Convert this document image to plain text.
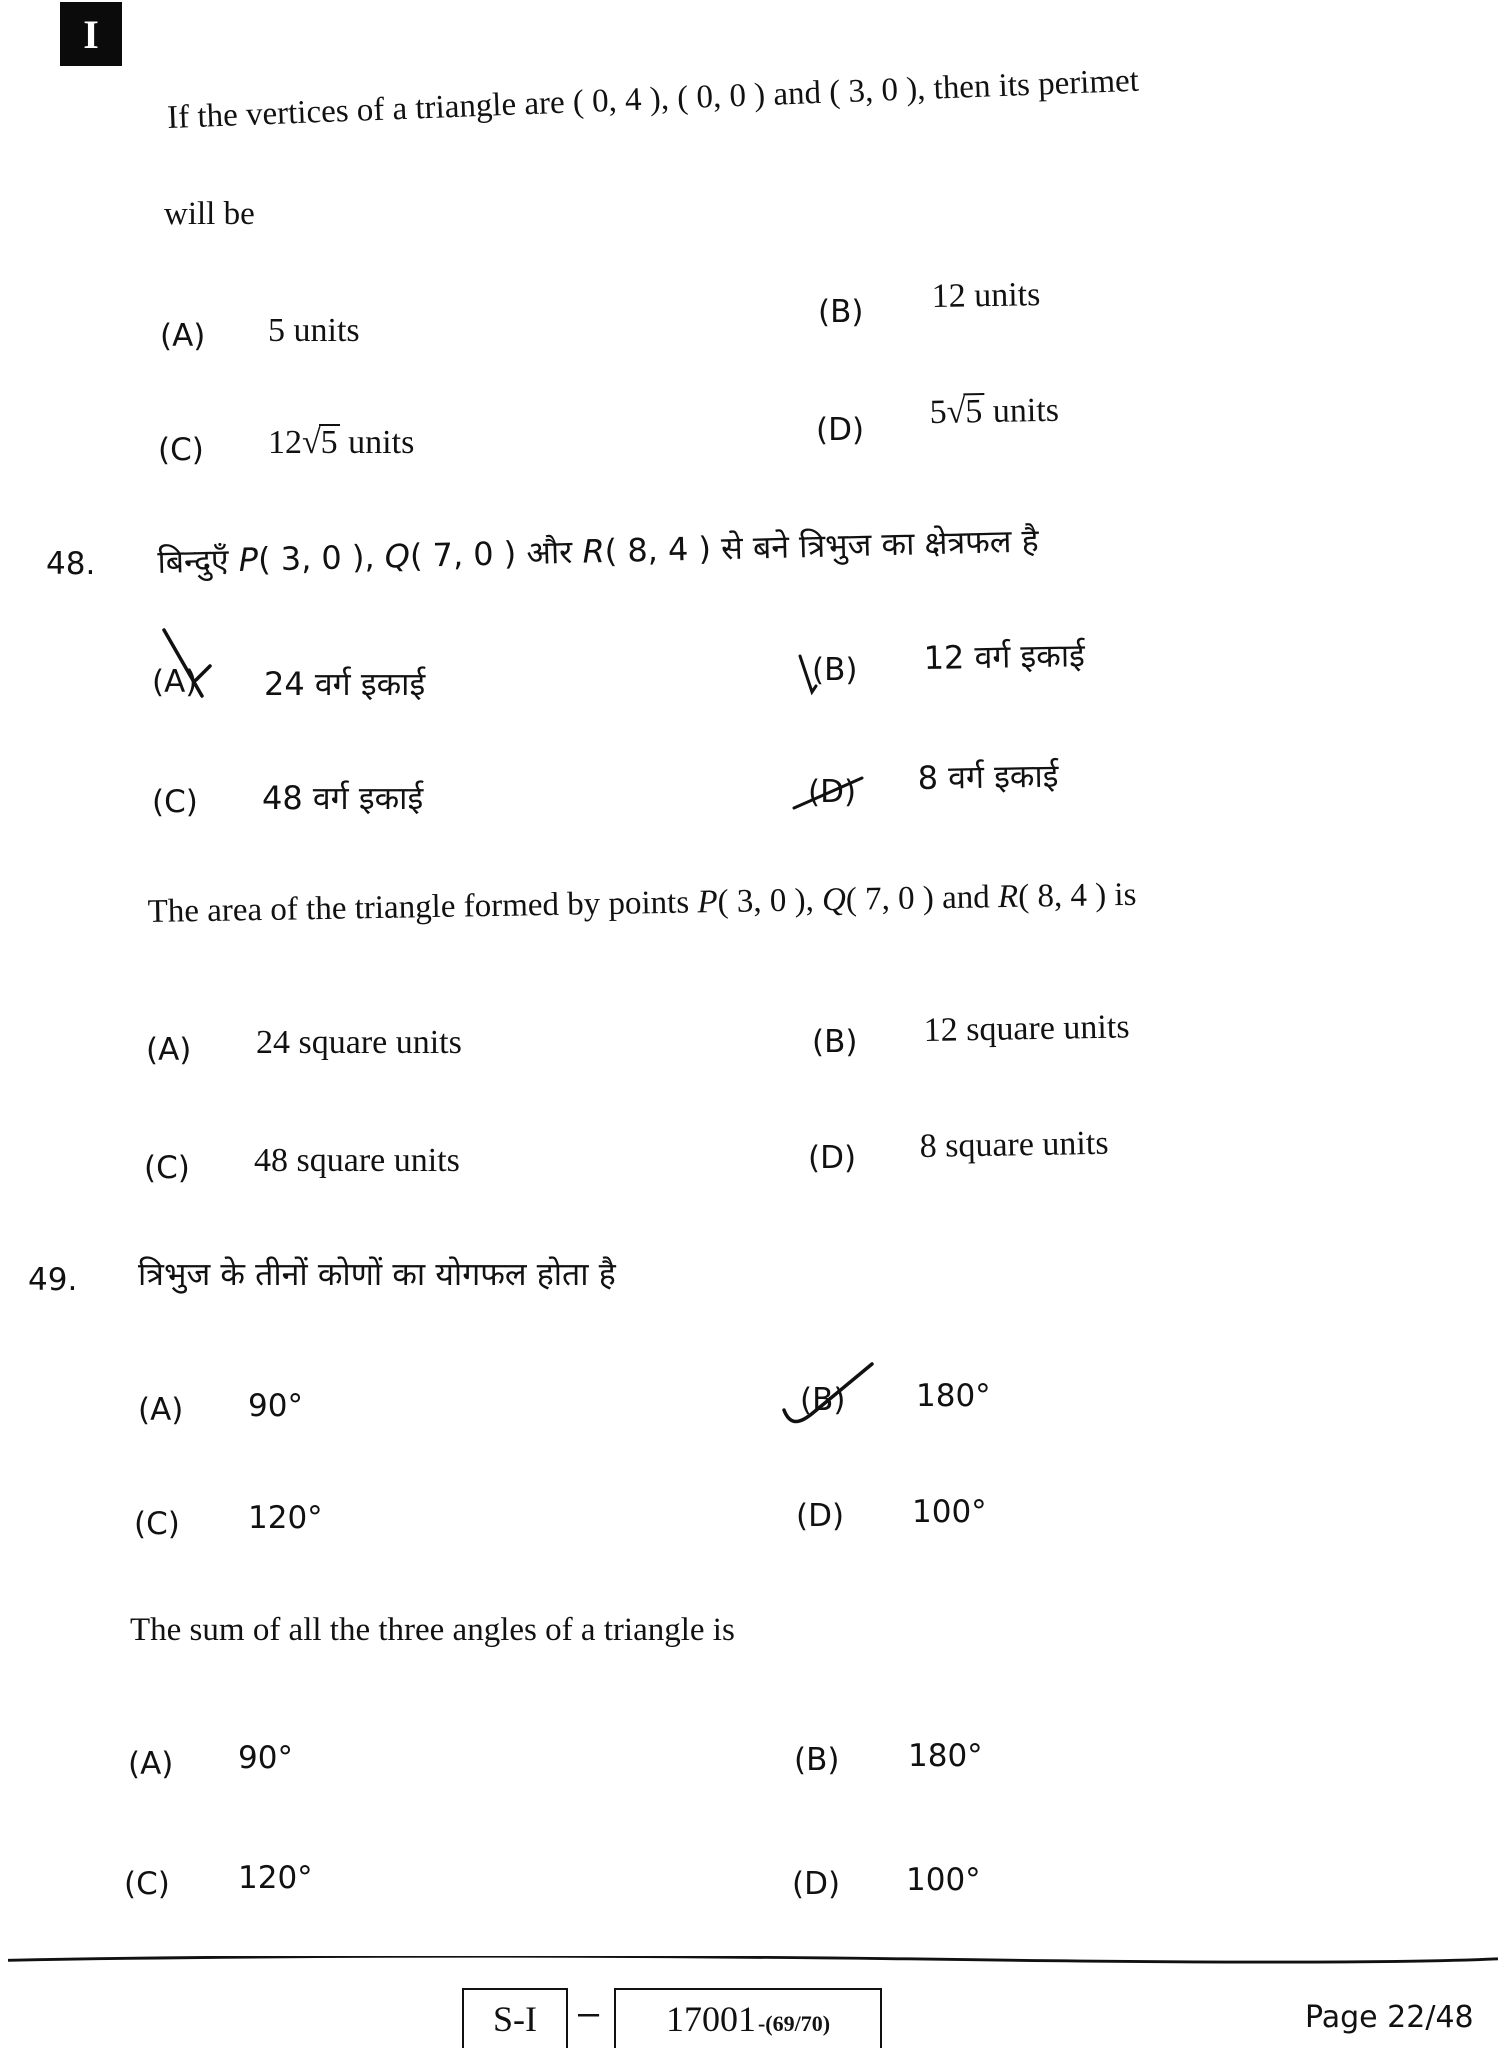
I
If the vertices of a triangle are ( 0, 4 ), ( 0, 0 ) and ( 3, 0 ), then its perimet
will be
(A) 5 units	(B) 12 units
(C) 12√5 units	(D) 5√5 units
48. बिन्दुएँ P( 3, 0 ), Q( 7, 0 ) और R( 8, 4 ) से बने त्रिभुज का क्षेत्रफल है
(A) 24 वर्ग इकाई	(B) 12 वर्ग इकाई
(C) 48 वर्ग इकाई	(D) 8 वर्ग इकाई
The area of the triangle formed by points P( 3, 0 ), Q( 7, 0 ) and R( 8, 4 ) is
(A) 24 square units	(B) 12 square units
(C) 48 square units	(D) 8 square units
49. त्रिभुज के तीनों कोणों का योगफल होता है
(A) 90°	(B) 180°
(C) 120°	(D) 100°
The sum of all the three angles of a triangle is
(A) 90°	(B) 180°
(C) 120°	(D) 100°
S-I – 17001 -(69/70)	Page 22/48
